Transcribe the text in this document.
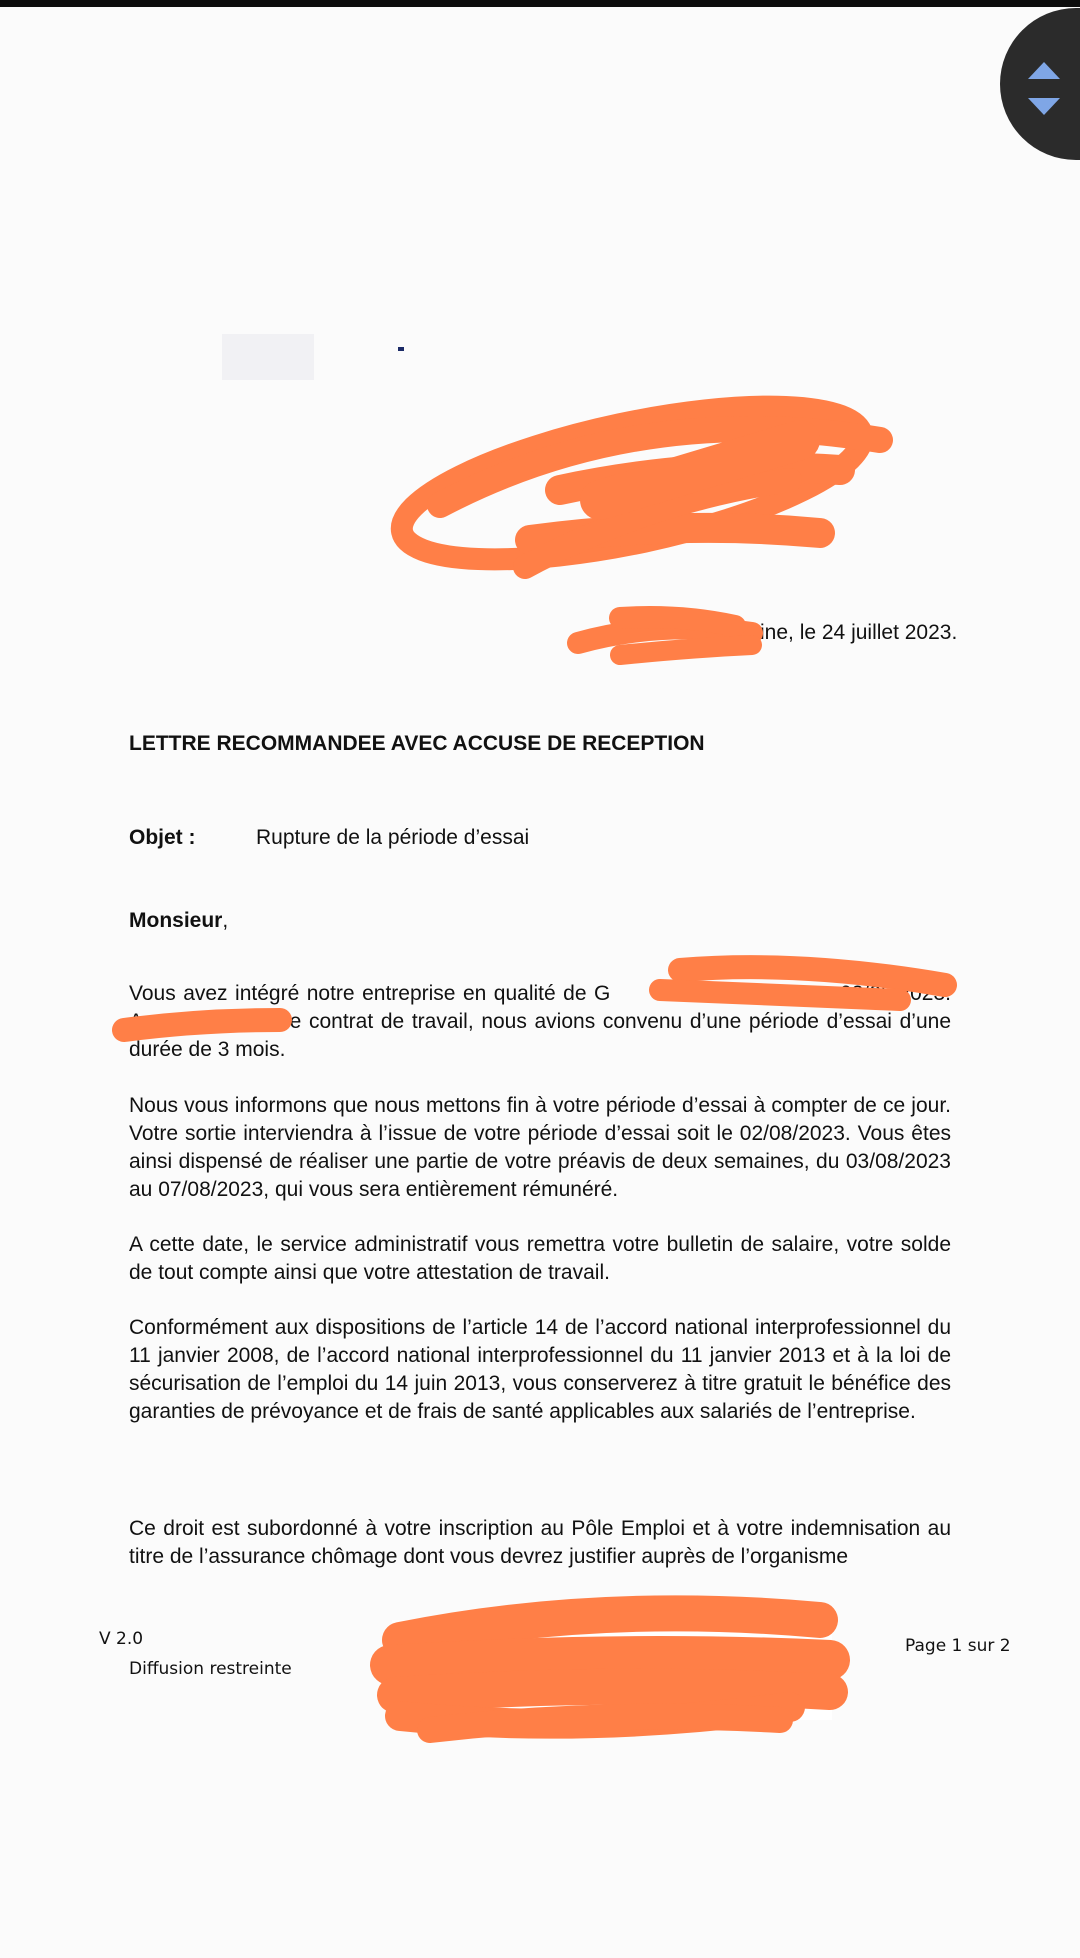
ine, le 24 juillet 2023.
LETTRE RECOMMANDEE AVEC ACCUSE DE RECEPTION
Objet :	Rupture de la période d’essai
Monsieur,

Vous avez intégré notre entreprise en qualité de G	n des e 03/05/2023. Au terme de votre contrat de travail, nous avions convenu d’une période d’essai d’une durée de 3 mois.

Nous vous informons que nous mettons fin à votre période d’essai à compter de ce jour. Votre sortie interviendra à l’issue de votre période d’essai soit le 02/08/2023. Vous êtes ainsi dispensé de réaliser une partie de votre préavis de deux semaines, du 03/08/2023 au 07/08/2023, qui vous sera entièrement rémunéré.

A cette date, le service administratif vous remettra votre bulletin de salaire, votre solde de tout compte ainsi que votre attestation de travail.

Conformément aux dispositions de l’article 14 de l’accord national interprofessionnel du 11 janvier 2008, de l’accord national interprofessionnel du 11 janvier 2013 et à la loi de sécurisation de l’emploi du 14 juin 2013, vous conserverez à titre gratuit le bénéfice des garanties de prévoyance et de frais de santé applicables aux salariés de l’entreprise.

Ce droit est subordonné à votre inscription au Pôle Emploi et à votre indemnisation au titre de l’assurance chômage dont vous devrez justifier auprès de l’organisme

S.A.S
V 2.0
Diffusion restreinte
Page 1 sur 2
